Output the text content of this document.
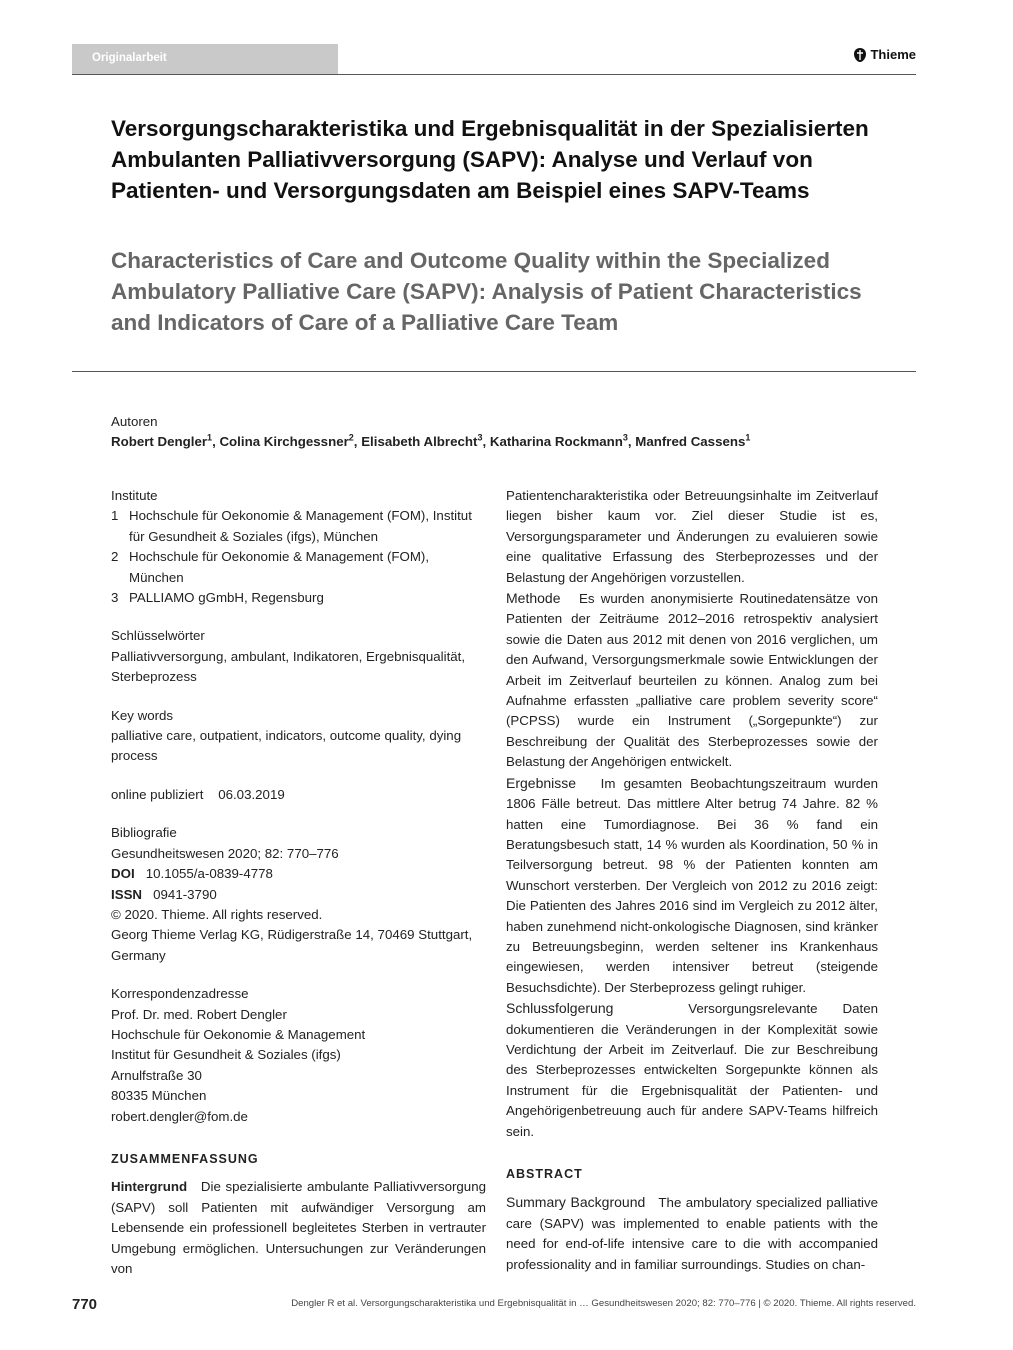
Originalarbeit	Thieme
Versorgungscharakteristika und Ergebnisqualität in der Spezialisierten Ambulanten Palliativversorgung (SAPV): Analyse und Verlauf von Patienten- und Versorgungsdaten am Beispiel eines SAPV-Teams
Characteristics of Care and Outcome Quality within the Specialized Ambulatory Palliative Care (SAPV): Analysis of Patient Characteristics and Indicators of Care of a Palliative Care Team
Autoren
Robert Dengler$^1$, Colina Kirchgessner$^2$, Elisabeth Albrecht$^3$, Katharina Rockmann$^3$, Manfred Cassens$^1$
Institute
1 Hochschule für Oekonomie & Management (FOM), Institut für Gesundheit & Soziales (ifgs), München
2 Hochschule für Oekonomie & Management (FOM), München
3 PALLIAMO gGmbH, Regensburg
Schlüsselwörter
Palliativversorgung, ambulant, Indikatoren, Ergebnisqualität, Sterbeprozess
Key words
palliative care, outpatient, indicators, outcome quality, dying process
online publiziert 06.03.2019
Bibliografie
Gesundheitswesen 2020; 82: 770–776
DOI 10.1055/a-0839-4778
ISSN 0941-3790
© 2020. Thieme. All rights reserved.
Georg Thieme Verlag KG, Rüdigerstraße 14, 70469 Stuttgart, Germany
Korrespondenzadresse
Prof. Dr. med. Robert Dengler
Hochschule für Oekonomie & Management
Institut für Gesundheit & Soziales (ifgs)
Arnulfstraße 30
80335 München
robert.dengler@fom.de

ZUSAMMENFASSUNG

Hintergrund Die spezialisierte ambulante Palliativversorgung (SAPV) soll Patienten mit aufwändiger Versorgung am Lebensende ein professionell begleitetes Sterben in vertrauter Umgebung ermöglichen. Untersuchungen zur Veränderungen von

Patientencharakteristika oder Betreuungsinhalte im Zeitverlauf liegen bisher kaum vor. Ziel dieser Studie ist es, Versorgungsparameter und Änderungen zu evaluieren sowie eine qualitative Erfassung des Sterbeprozesses und der Belastung der Angehörigen vorzustellen.

Methode Es wurden anonymisierte Routinedatensätze von Patienten der Zeiträume 2012–2016 retrospektiv analysiert sowie die Daten aus 2012 mit denen von 2016 verglichen, um den Aufwand, Versorgungsmerkmale sowie Entwicklungen der Arbeit im Zeitverlauf beurteilen zu können. Analog zum bei Aufnahme erfassten „palliative care problem severity score“ (PCPSS) wurde ein Instrument („Sorgepunkte“) zur Beschreibung der Qualität des Sterbeprozesses sowie der Belastung der Angehörigen entwickelt.

Ergebnisse Im gesamten Beobachtungszeitraum wurden 1806 Fälle betreut. Das mittlere Alter betrug 74 Jahre. 82 % hatten eine Tumordiagnose. Bei 36 % fand ein Beratungsbesuch statt, 14 % wurden als Koordination, 50 % in Teilversorgung betreut. 98 % der Patienten konnten am Wunschort versterben. Der Vergleich von 2012 zu 2016 zeigt: Die Patienten des Jahres 2016 sind im Vergleich zu 2012 älter, haben zunehmend nicht-onkologische Diagnosen, sind kränker zu Betreuungsbeginn, werden seltener ins Krankenhaus eingewiesen, werden intensiver betreut (steigende Besuchsdichte). Der Sterbeprozess gelingt ruhiger.

Schlussfolgerung	Versorgungsrelevante Daten dokumentieren die Veränderungen in der Komplexität sowie Verdichtung der Arbeit im Zeitverlauf. Die zur Beschreibung des Sterbeprozesses entwickelten Sorgepunkte können als Instrument für die Ergebnisqualität der Patienten- und Angehörigenbetreuung auch für andere SAPV-Teams hilfreich sein.

ABSTRACT

Summary Background The ambulatory specialized palliative care (SAPV) was implemented to enable patients with the need for end-of-life intensive care to die with accompanied professionality and in familiar surroundings. Studies on chan-

770	Dengler R et al. Versorgungscharakteristika und Ergebnisqualität in … Gesundheitswesen 2020; 82: 770–776 | © 2020. Thieme. All rights reserved.
